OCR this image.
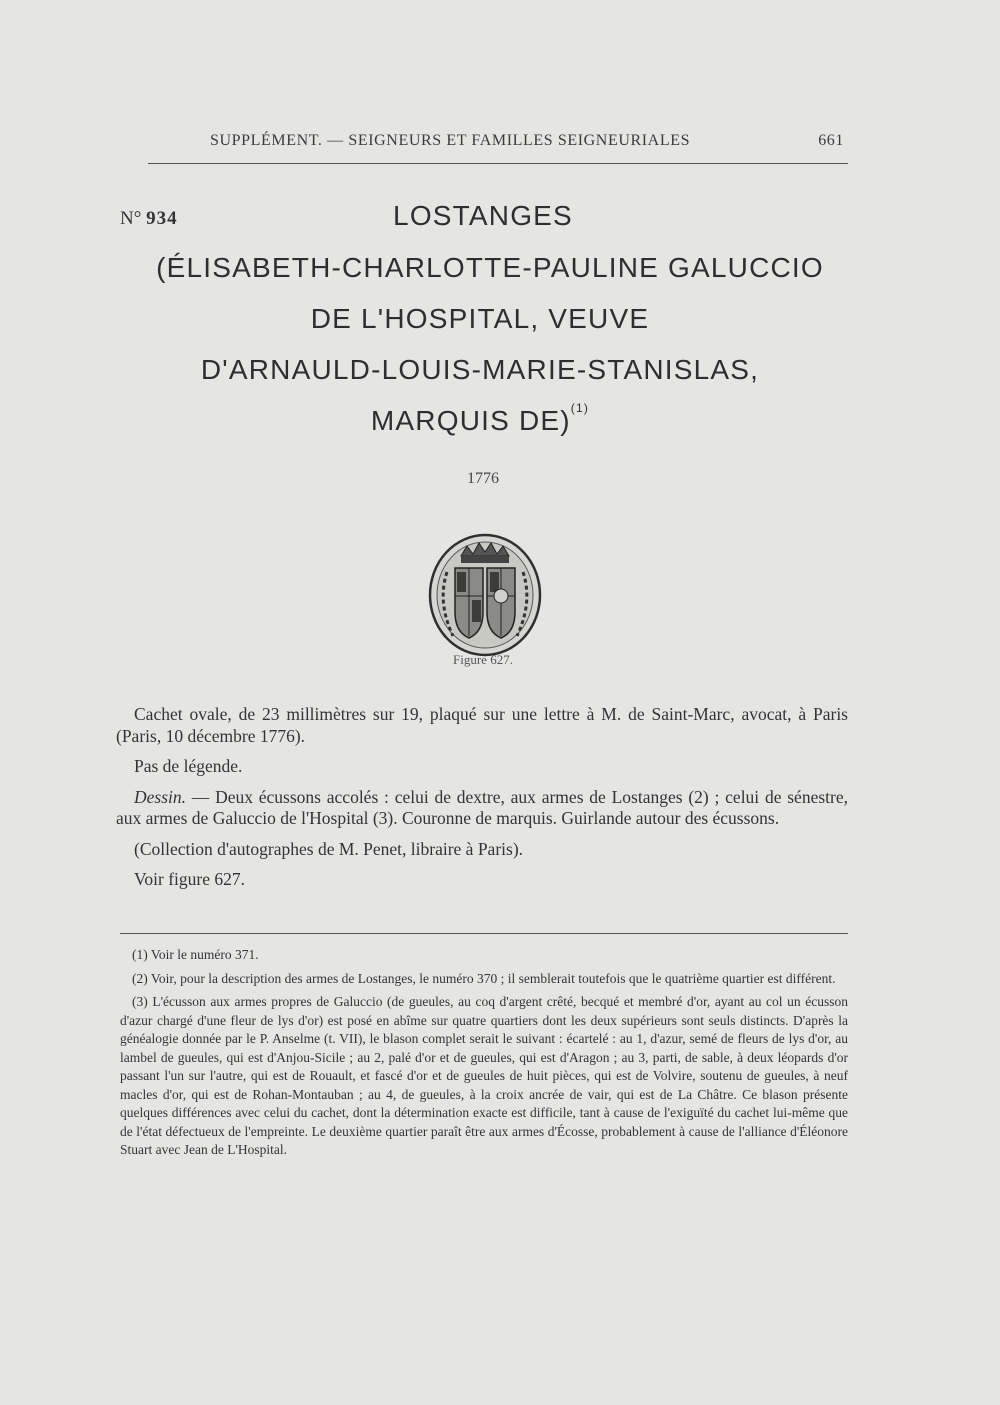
SUPPLÉMENT. — SEIGNEURS ET FAMILLES SEIGNEURIALES	661
N° 934	LOSTANGES
(ÉLISABETH-CHARLOTTE-PAULINE GALUCCIO
DE L'HOSPITAL, VEUVE
D'ARNAULD-LOUIS-MARIE-STANISLAS,
MARQUIS DE)$^{(1)}$
1776
Figure 627.

Cachet ovale, de 23 millimètres sur 19, plaqué sur une lettre à M. de Saint-Marc, avocat, à Paris (Paris, 10 décembre 1776).

Pas de légende.

Dessin. — Deux écussons accolés : celui de dextre, aux armes de Lostanges (2) ; celui de sénestre, aux armes de Galuccio de l'Hospital (3). Couronne de marquis. Guirlande autour des écussons.

(Collection d'autographes de M. Penet, libraire à Paris).

Voir figure 627.

(1) Voir le numéro 371.

(2) Voir, pour la description des armes de Lostanges, le numéro 370 ; il semblerait toutefois que le quatrième quartier est différent.

(3) L'écusson aux armes propres de Galuccio (de gueules, au coq d'argent crêté, becqué et membré d'or, ayant au col un écusson d'azur chargé d'une fleur de lys d'or) est posé en abîme sur quatre quartiers dont les deux supérieurs sont seuls distincts. D'après la généalogie donnée par le P. Anselme (t. VII), le blason complet serait le suivant : écartelé : au 1, d'azur, semé de fleurs de lys d'or, au lambel de gueules, qui est d'Anjou-Sicile ; au 2, palé d'or et de gueules, qui est d'Aragon ; au 3, parti, de sable, à deux léopards d'or passant l'un sur l'autre, qui est de Rouault, et fascé d'or et de gueules de huit pièces, qui est de Volvire, soutenu de gueules, à neuf macles d'or, qui est de Rohan-Montauban ; au 4, de gueules, à la croix ancrée de vair, qui est de La Châtre. Ce blason présente quelques différences avec celui du cachet, dont la détermination exacte est difficile, tant à cause de l'exiguïté du cachet lui-même que de l'état défectueux de l'empreinte. Le deuxième quartier paraît être aux armes d'Écosse, probablement à cause de l'alliance d'Éléonore Stuart avec Jean de L'Hospital.
